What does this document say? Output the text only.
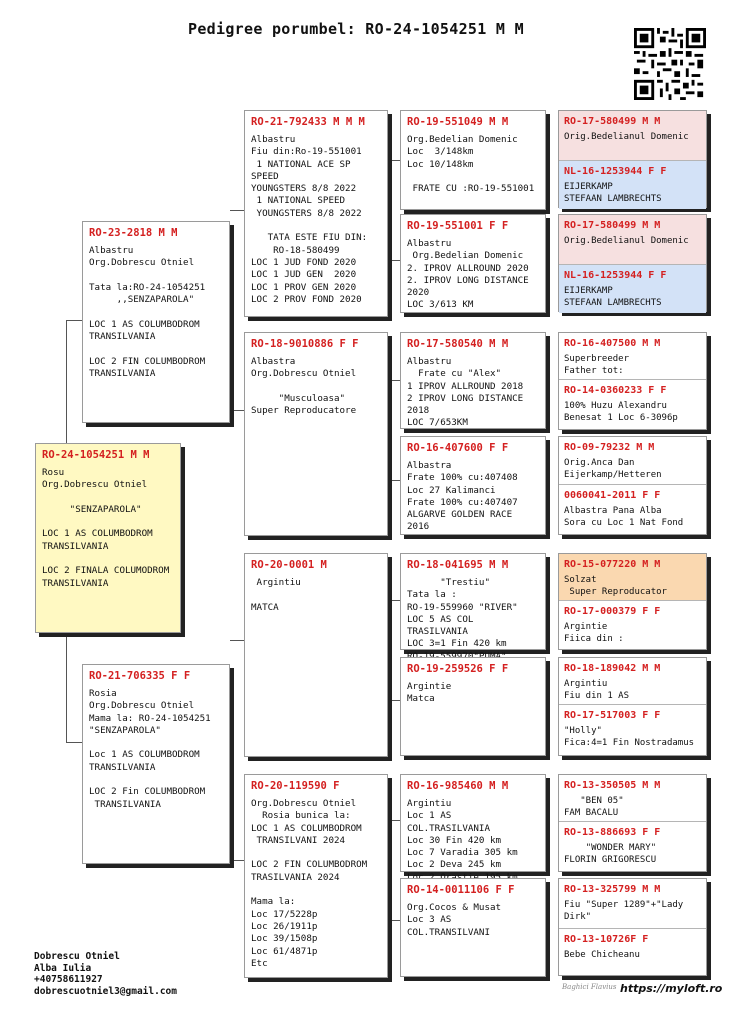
Pedigree porumbel: RO-24-1054251 M M
RO-24-1054251 M M
Rosu
Org.Dobrescu Otniel

"SENZAPAROLA"

LOC 1 AS COLUMBODROM
TRANSILVANIA

LOC 2 FINALA COLUMODROM
TRANSILVANIA
RO-23-2818 M M
Albastru
Org.Dobrescu Otniel

Tata la:RO-24-1054251
,,SENZAPAROLA"

LOC 1 AS COLUMBODROM
TRANSILVANIA

LOC 2 FIN COLUMBODROM
TRANSILVANIA
RO-21-706335 F F
Rosia
Org.Dobrescu Otniel
Mama la: RO-24-1054251
"SENZAPAROLA"

Loc 1 AS COLUMBODROM
TRANSILVANIA

LOC 2 Fin COLUMBODROM
TRANSILVANIA
RO-21-792433 M M M
Albastru
Fiu din:Ro-19-551001
1 NATIONAL ACE SP SPEED
YOUNGSTERS 8/8 2022
1 NATIONAL SPEED
YOUNGSTERS 8/8 2022

TATA ESTE FIU DIN:
RO-18-580499
LOC 1 JUD FOND 2020
LOC 1 JUD GEN  2020
LOC 1 PROV GEN 2020
LOC 2 PROV FOND 2020
RO-18-9010886 F F
Albastra
Org.Dobrescu Otniel

"Musculoasa"
Super Reproducatore
RO-20-0001 M
Argintiu

MATCA
RO-20-119590 F
Org.Dobrescu Otniel
Rosia bunica la:
LOC 1 AS COLUMBODROM
TRANSILVANI 2024

LOC 2 FIN COLUMBODROM
TRASILVANIA 2024

Mama la:
Loc 17/5228p
Loc 26/1911p
Loc 39/1508p
Loc 61/4871p
Etc
RO-19-551049 M M
Org.Bedelian Domenic
Loc  3/148km
Loc 10/148km

FRATE CU :RO-19-551001
RO-19-551001 F F
Albastru
Org.Bedelian Domenic
2. IPROV ALLROUND 2020
2. IPROV LONG DISTANCE
2020
LOC 3/613 KM
RO-17-580540 M M
Albastru
Frate cu "Alex"
1 IPROV ALLROUND 2018
2 IPROV LONG DISTANCE
2018
LOC 7/653KM
RO-16-407600 F F
Albastra
Frate 100% cu:407408
Loc 27 Kalimanci
Frate 100% cu:407407
ALGARVE GOLDEN RACE 2016
RO-18-041695 M M
"Trestiu"
Tata la :
RO-19-559960 "RIVER"
LOC 5 AS COL TRASILVANIA
LOC 3=1 Fin 420 km

RO-19-259526 F F
Argintie
Matca
RO-16-985460 M M
Argintiu
Loc 1 AS COL.TRASILVANIA
Loc 30 Fin 420 km
Loc 7 Varadia 305 km
Loc 2 Deva 245 km

RO-14-0011106 F F
Org.Cocos & Musat
Loc 3 AS COL.TRANSILVANI
RO-17-580499 M M
Orig.Bedelianul Domenic
NL-16-1253944 F F
EIJERKAMP
STEFAAN LAMBRECHTS
RO-17-580499 M M
Orig.Bedelianul Domenic
NL-16-1253944 F F
EIJERKAMP
STEFAAN LAMBRECHTS
RO-16-407500 M M
Superbreeder
Father tot:
RO-14-0360233 F F
100% Huzu Alexandru
Benesat 1 Loc 6-3096p
RO-09-79232 M M
Orig.Anca Dan
Eijerkamp/Hetteren
0060041-2011 F F
Albastra Pana Alba
Sora cu Loc 1 Nat Fond
RO-15-077220 M M
Solzat
Super Reproducator
RO-17-000379 F F
Argintie
Fiica din :
RO-18-189042 M M
Argintiu
Fiu din 1 AS
RO-17-517003 F F
"Holly"
Fica:4=1 Fin Nostradamus
RO-13-350505 M M
"BEN 05"
FAM BACALU
RO-13-886693 F F
"WONDER MARY"
FLORIN GRIGORESCU
RO-13-325799 M M
Fiu "Super 1289"+"Lady
Dirk"
RO-13-10726F F
Bebe Chicheanu
Dobrescu Otniel
Alba Iulia
+40758611927
dobrescuotniel3@gmail.com	Baghici Flavius https://myloft.ro
